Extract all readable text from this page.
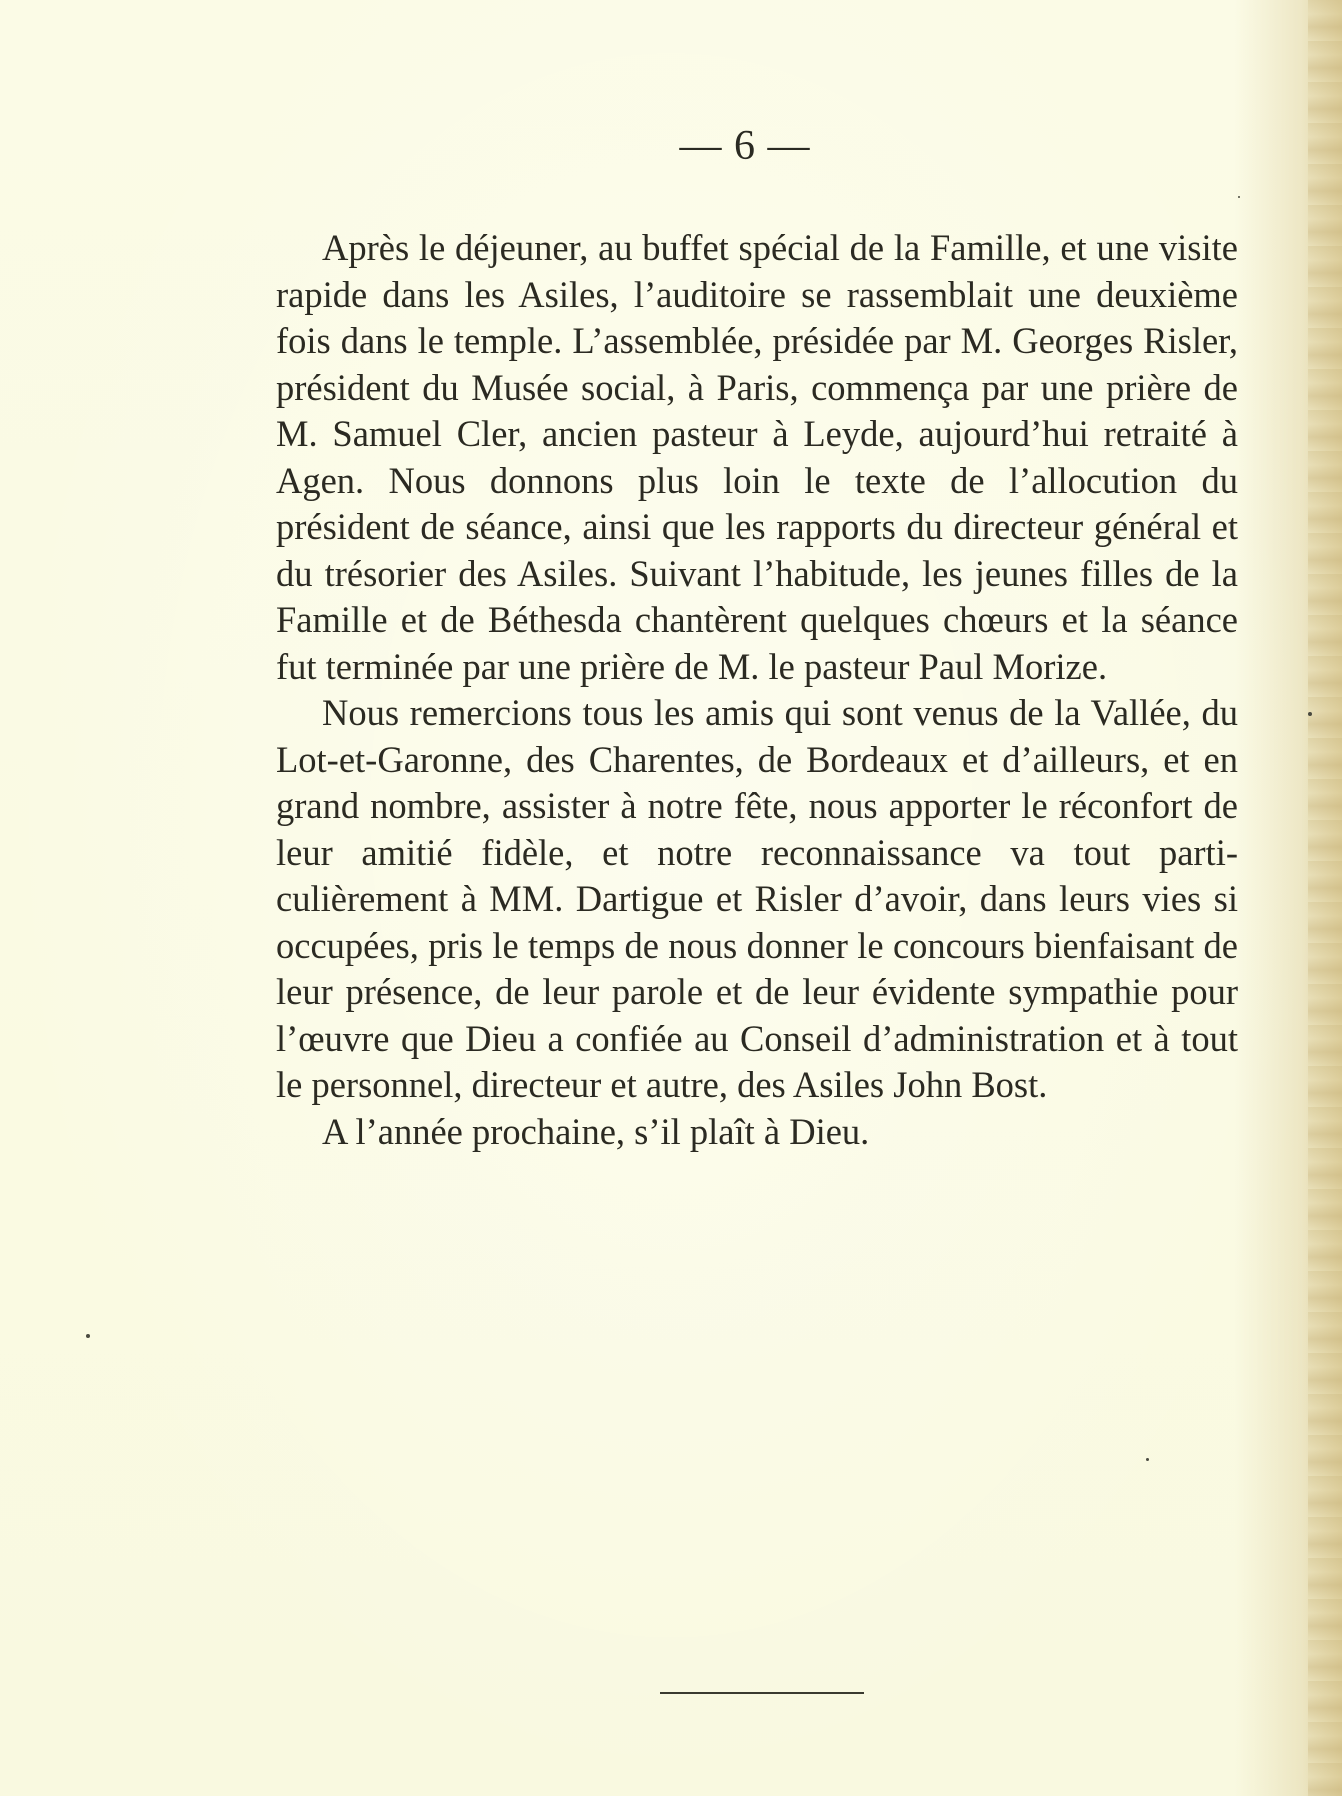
— 6 —

Après le déjeuner, au buffet spécial de la Famille, et une visite rapide dans les Asiles, l’auditoire se rassemblait une deuxième fois dans le temple. L’assemblée, présidée par M. Georges Risler, président du Musée social, à Paris, commença par une prière de M. Samuel Cler, ancien pasteur à Leyde, aujourd’hui retraité à Agen. Nous donnons plus loin le texte de l’allocution du président de séance, ainsi que les rapports du directeur général et du trésorier des Asiles. Suivant l’habitude, les jeunes filles de la Famille et de Béthesda chantèrent quelques chœurs et la séance fut terminée par une prière de M. le pasteur Paul Morize.

Nous remercions tous les amis qui sont venus de la Vallée, du Lot-et-Garonne, des Charentes, de Bordeaux et d’ailleurs, et en grand nombre, assister à notre fête, nous apporter le réconfort de leur amitié fidèle, et notre reconnaissance va tout particulièrement à MM. Dartigue et Risler d’avoir, dans leurs vies si occupées, pris le temps de nous donner le concours bienfaisant de leur présence, de leur parole et de leur évidente sympathie pour l’œuvre que Dieu a confiée au Conseil d’administration et à tout le personnel, directeur et autre, des Asiles John Bost.

A l’année prochaine, s’il plaît à Dieu.
